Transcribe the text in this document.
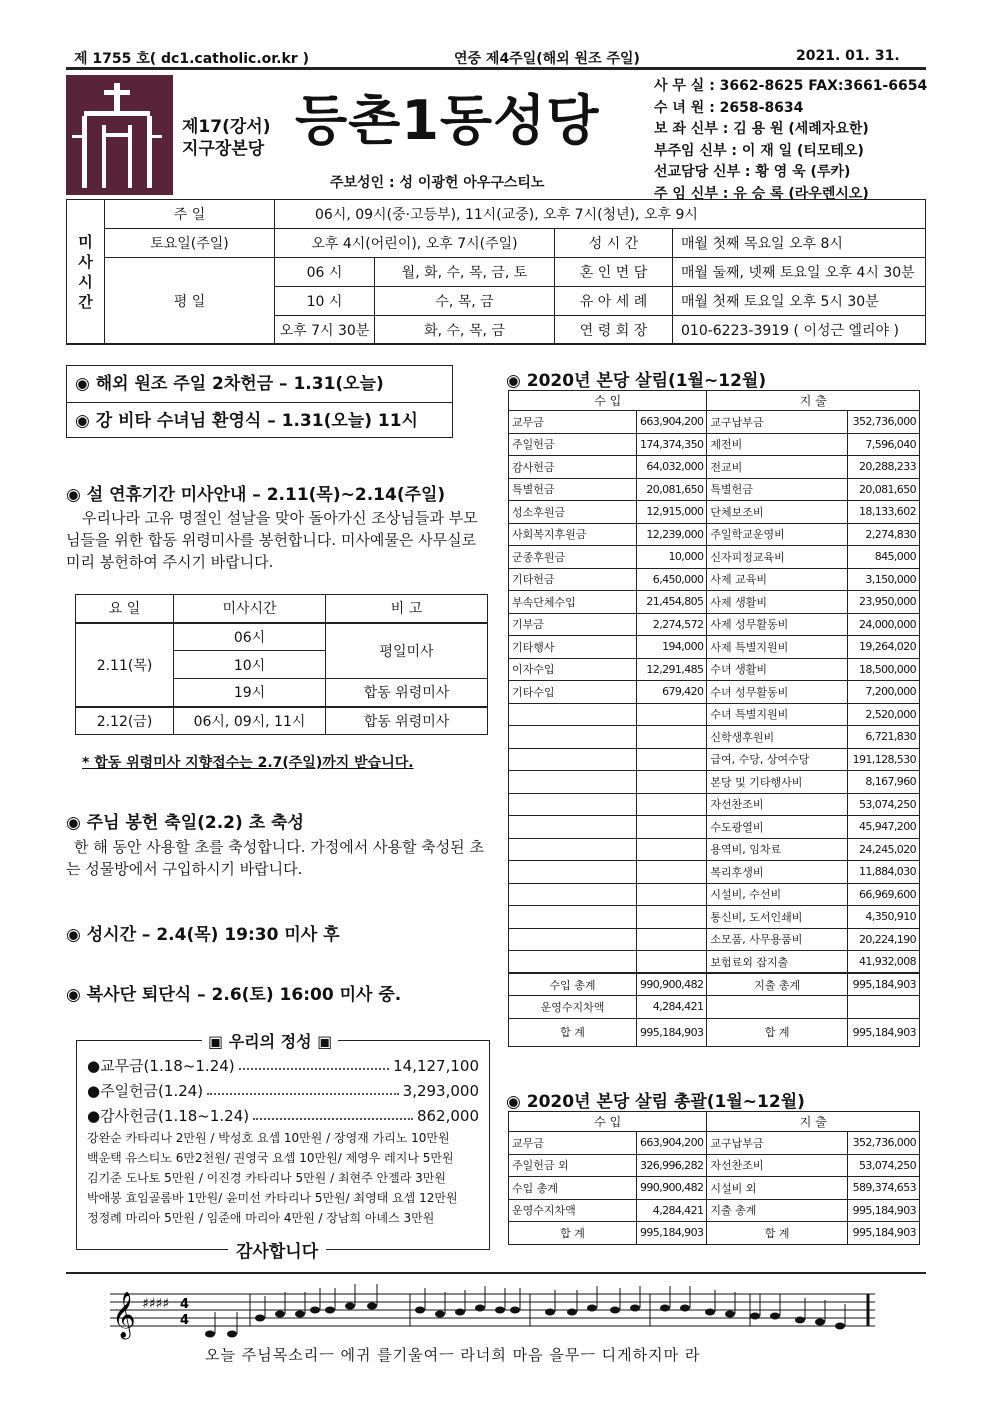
제 1755 호( dc1.catholic.or.kr )	연중 제4주일(해외 원조 주일)	2021. 01. 31.
제17(강서)
지구장본당 등촌1동성당
주보성인 : 성 이광헌 아우구스티노
사 무 실 : 3662-8625 FAX:3661-6654
수 녀 원 : 2658-8634
보 좌 신부 : 김 용 원 (세례자요한)
부주임 신부 : 이 재 일 (티모테오)
선교담당 신부 : 황 영 욱 (루카)
주 임 신부 : 유 승 록 (라우렌시오)
미사시간	주 일	06시, 09시(중·고등부), 11시(교중), 오후 7시(청년), 오후 9시			
	토요일(주일)	오후 4시(어린이), 오후 7시(주일)		성 시 간	매월 첫째 목요일 오후 8시
	평 일	06 시	월, 화, 수, 목, 금, 토	혼 인 면 담	매월 둘째, 넷째 토요일 오후 4시 30분
		10 시	수, 목, 금	유 아 세 례	매월 첫째 토요일 오후 5시 30분
		오후 7시 30분	화, 수, 목, 금	연 령 회 장	010-6223-3919 ( 이성근 엘리야 )
◉ 해외 원조 주일 2차헌금 – 1.31(오늘)
◉ 강 비타 수녀님 환영식 – 1.31(오늘) 11시
◉ 설 연휴기간 미사안내 – 2.11(목)~2.14(주일)
우리나라 고유 명절인 설날을 맞아 돌아가신 조상님들과 부모님들을 위한 합동 위령미사를 봉헌합니다. 미사예물은 사무실로 미리 봉헌하여 주시기 바랍니다.
요 일	미사시간	비 고
2.11(목)	06시	평일미사
	10시	
	19시	합동 위령미사
2.12(금)	06시, 09시, 11시	합동 위령미사
* 합동 위령미사 지향접수는 2.7(주일)까지 받습니다.
◉ 주님 봉헌 축일(2.2) 초 축성
한 해 동안 사용할 초를 축성합니다. 가정에서 사용할 축성된 초는 성물방에서 구입하시기 바랍니다.
◉ 성시간 – 2.4(목) 19:30 미사 후
◉ 복사단 퇴단식 – 2.6(토) 16:00 미사 중.
●교무금(1.18~1.24)	14,127,100
●주일헌금(1.24)	3,293,000
●감사헌금(1.18~1.24)	862,000
강완순 카타리나 2만원 / 박성호 요셉 10만원 / 장영재 가리노 10만원
백운택 유스티노 6만2천원/ 권영국 요셉 10만원/ 제영우 레지나 5만원
김기준 도나토 5만원 / 이진경 카타리나 5만원 / 최현주 안젤라 3만원
박애봉 효임골롬바 1만원/ 윤미선 카타리나 5만원/ 최영태 요셉 12만원
정정례 마리아 5만원 / 임준애 마리아 4만원 / 장남희 아녜스 3만원
▣ 우리의 정성 ▣
감사합니다
◉ 2020년 본당 살림(1월~12월)
수 입		지 출	
교무금	663,904,200	교구납부금	352,736,000
주일헌금	174,374,350	제전비	7,596,040
감사헌금	64,032,000	전교비	20,288,233
특별헌금	20,081,650	특별헌금	20,081,650
성소후원금	12,915,000	단체보조비	18,133,602
사회복지후원금	12,239,000	주일학교운영비	2,274,830
군종후원금	10,000	신자피정교육비	845,000
기타헌금	6,450,000	사제 교육비	3,150,000
부속단체수입	21,454,805	사제 생활비	23,950,000
기부금	2,274,572	사제 성무활동비	24,000,000
기타행사	194,000	사제 특별지원비	19,264,020
이자수입	12,291,485	수녀 생활비	18,500,000
기타수입	679,420	수녀 성무활동비	7,200,000
		수녀 특별지원비	2,520,000
		신학생후원비	6,721,830
		급여, 수당, 상여수당	191,128,530
		본당 및 기타행사비	8,167,960
		자선찬조비	53,074,250
		수도광열비	45,947,200
		용역비, 임차료	24,245,020
		복리후생비	11,884,030
		시설비, 수선비	66,969,600
		통신비, 도서인쇄비	4,350,910
		소모품, 사무용품비	20,224,190
		보험료외 잡지출	41,932,008
수입 총계	990,900,482	지출 총계	995,184,903
운영수지차액	4,284,421		
합 계	995,184,903	합 계	995,184,903
◉ 2020년 본당 살림 총괄(1월~12월)
수 입		지 출	
교무금	663,904,200	교구납부금	352,736,000
주일헌금 외	326,996,282	자선찬조비	53,074,250
수입 총계	990,900,482	시설비 외	589,374,653
운영수지차액	4,284,421	지출 총계	995,184,903
합 계	995,184,903	합 계	995,184,903
𝄞 ♯♯♯♯ 4
4
오늘 주님목소리ㅡ 에귀 를기울여ㅡ 라너희 마음 을무ㅡ 디게하지마 라
